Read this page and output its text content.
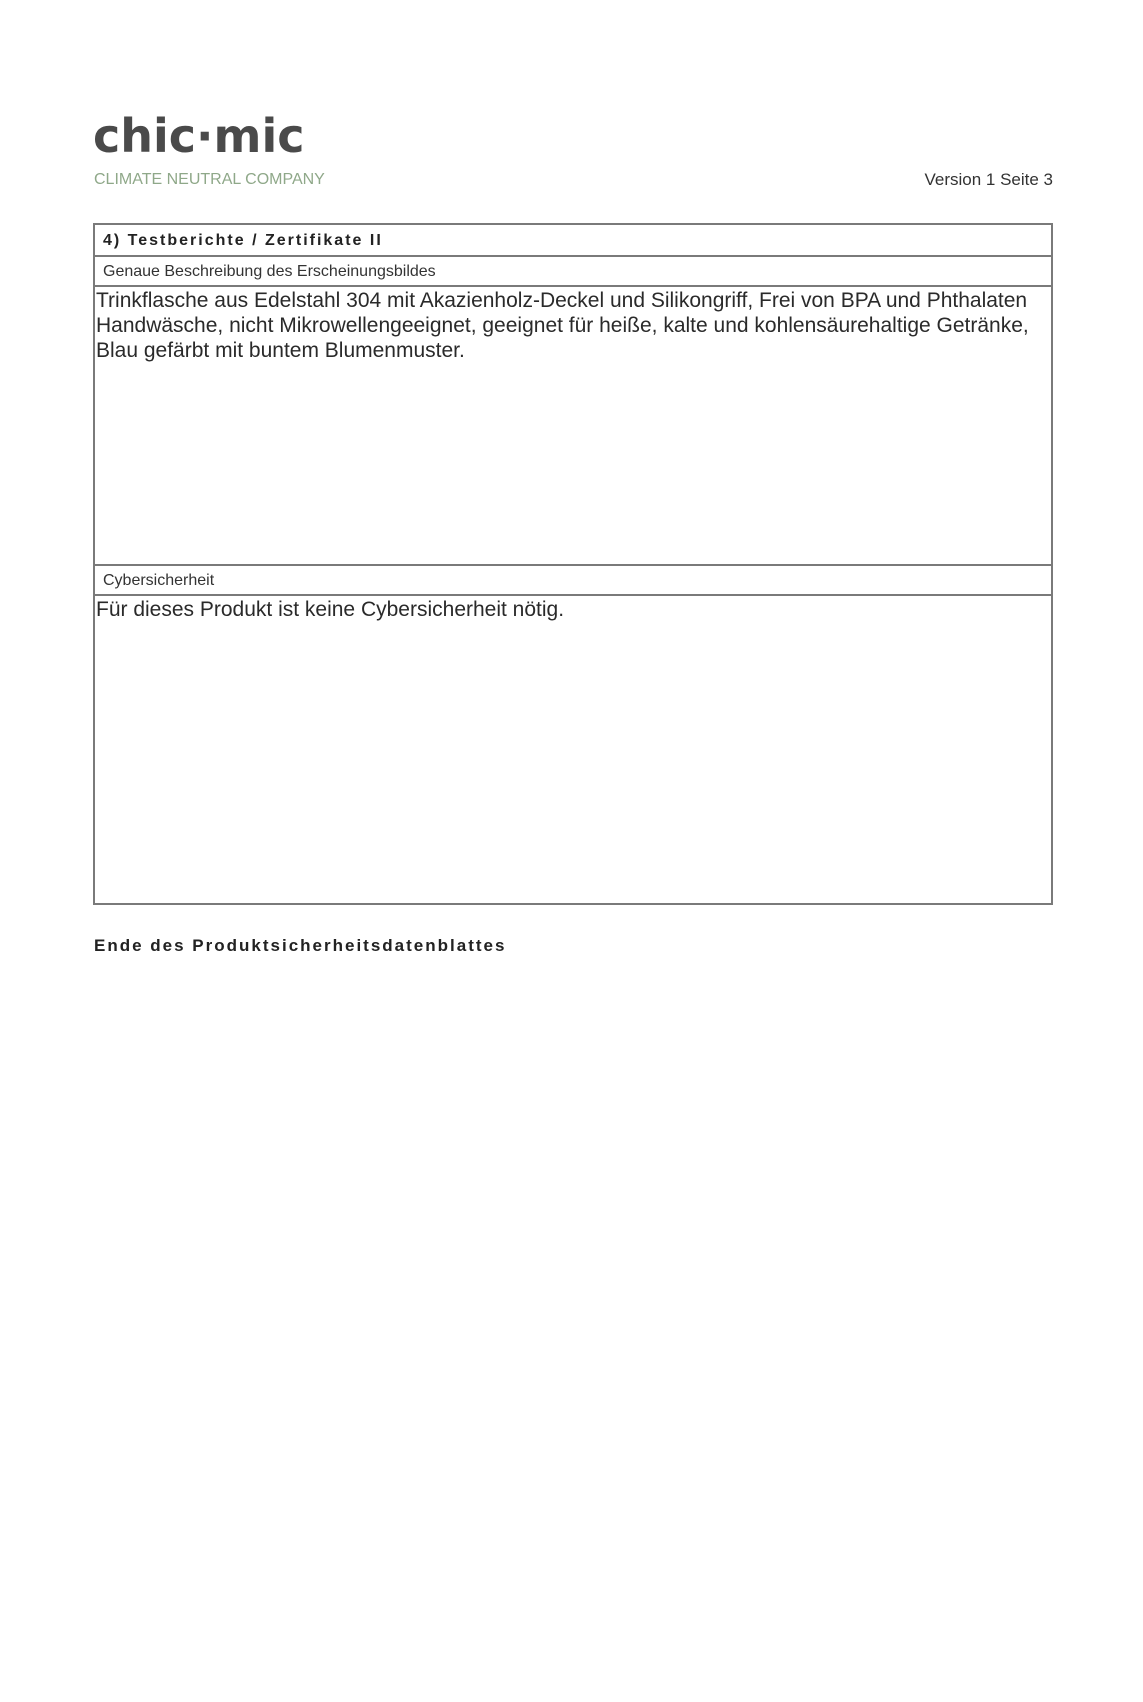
chic·mic
CLIMATE NEUTRAL COMPANY	Version 1 Seite 3
4) Testberichte / Zertifikate II
Genaue Beschreibung des Erscheinungsbildes
Trinkflasche aus Edelstahl 304 mit Akazienholz-Deckel und Silikongriff, Frei von BPA und Phthalaten Handwäsche, nicht Mikrowellengeeignet, geeignet für heiße, kalte und kohlensäurehaltige Getränke, Blau gefärbt mit buntem Blumenmuster.
Cybersicherheit
Für dieses Produkt ist keine Cybersicherheit nötig.
Ende des Produktsicherheitsdatenblattes
